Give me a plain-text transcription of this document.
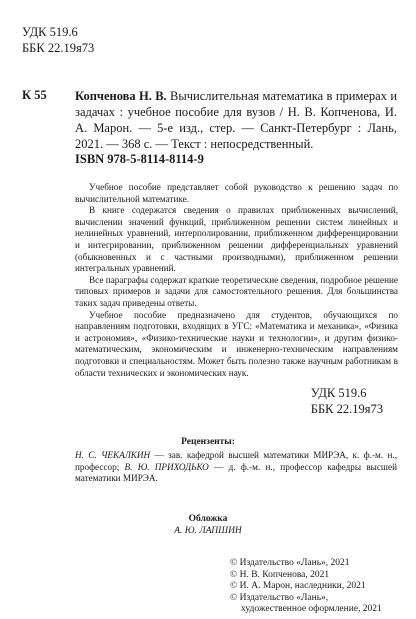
УДК 519.6
ББК 22.19я73
К 55 Копченова Н. В. Вычислительная математика в примерах и задачах : учебное пособие для вузов / Н. В. Копченова, И. А. Марон. — 5-е изд., стер. — Санкт-Петербург : Лань, 2021. — 368 с. — Текст : непосредственный.
ISBN 978-5-8114-8114-9

Учебное пособие представляет собой руководство к решению задач по вычислительной математике.

В книге содержатся сведения о правилах приближенных вычислений, вычислении значений функций, приближенном решении систем линейных и нелинейных уравнений, интерполировании, приближенном дифференцировании и интегрировании, приближенном решении дифференциальных уравнений (обыкновенных и с частными производными), приближенном решении интегральных уравнений.

Все параграфы содержат краткие теоретические сведения, подробное решение типовых примеров и задачи для самостоятельного решения. Для большинства таких задач приведены ответы.

Учебное пособие предназначено для студентов, обучающихся по направлениям подготовки, входящих в УГС: «Математика и механика», «Физика и астрономия», «Физико-технические науки и технологии», и другим физико-математическим, экономическим и инженерно-техническим направлениям подготовки и специальностям. Может быть полезно также научным работникам в области технических и экономических наук.

УДК 519.6
ББК 22.19я73
Рецензенты:
Н. С. ЧЕКАЛКИН — зав. кафедрой высшей математики МИРЭА, к. ф.-м. н., профессор; В. Ю. ПРИХОДЬКО — д. ф.-м. н., профессор кафедры высшей математики МИРЭА.
Обложка
А. Ю. ЛАПШИН
© Издательство «Лань», 2021
© Н. В. Копченова, 2021
© И. А. Марон, наследники, 2021
© Издательство «Лань»,
художественное оформление, 2021
